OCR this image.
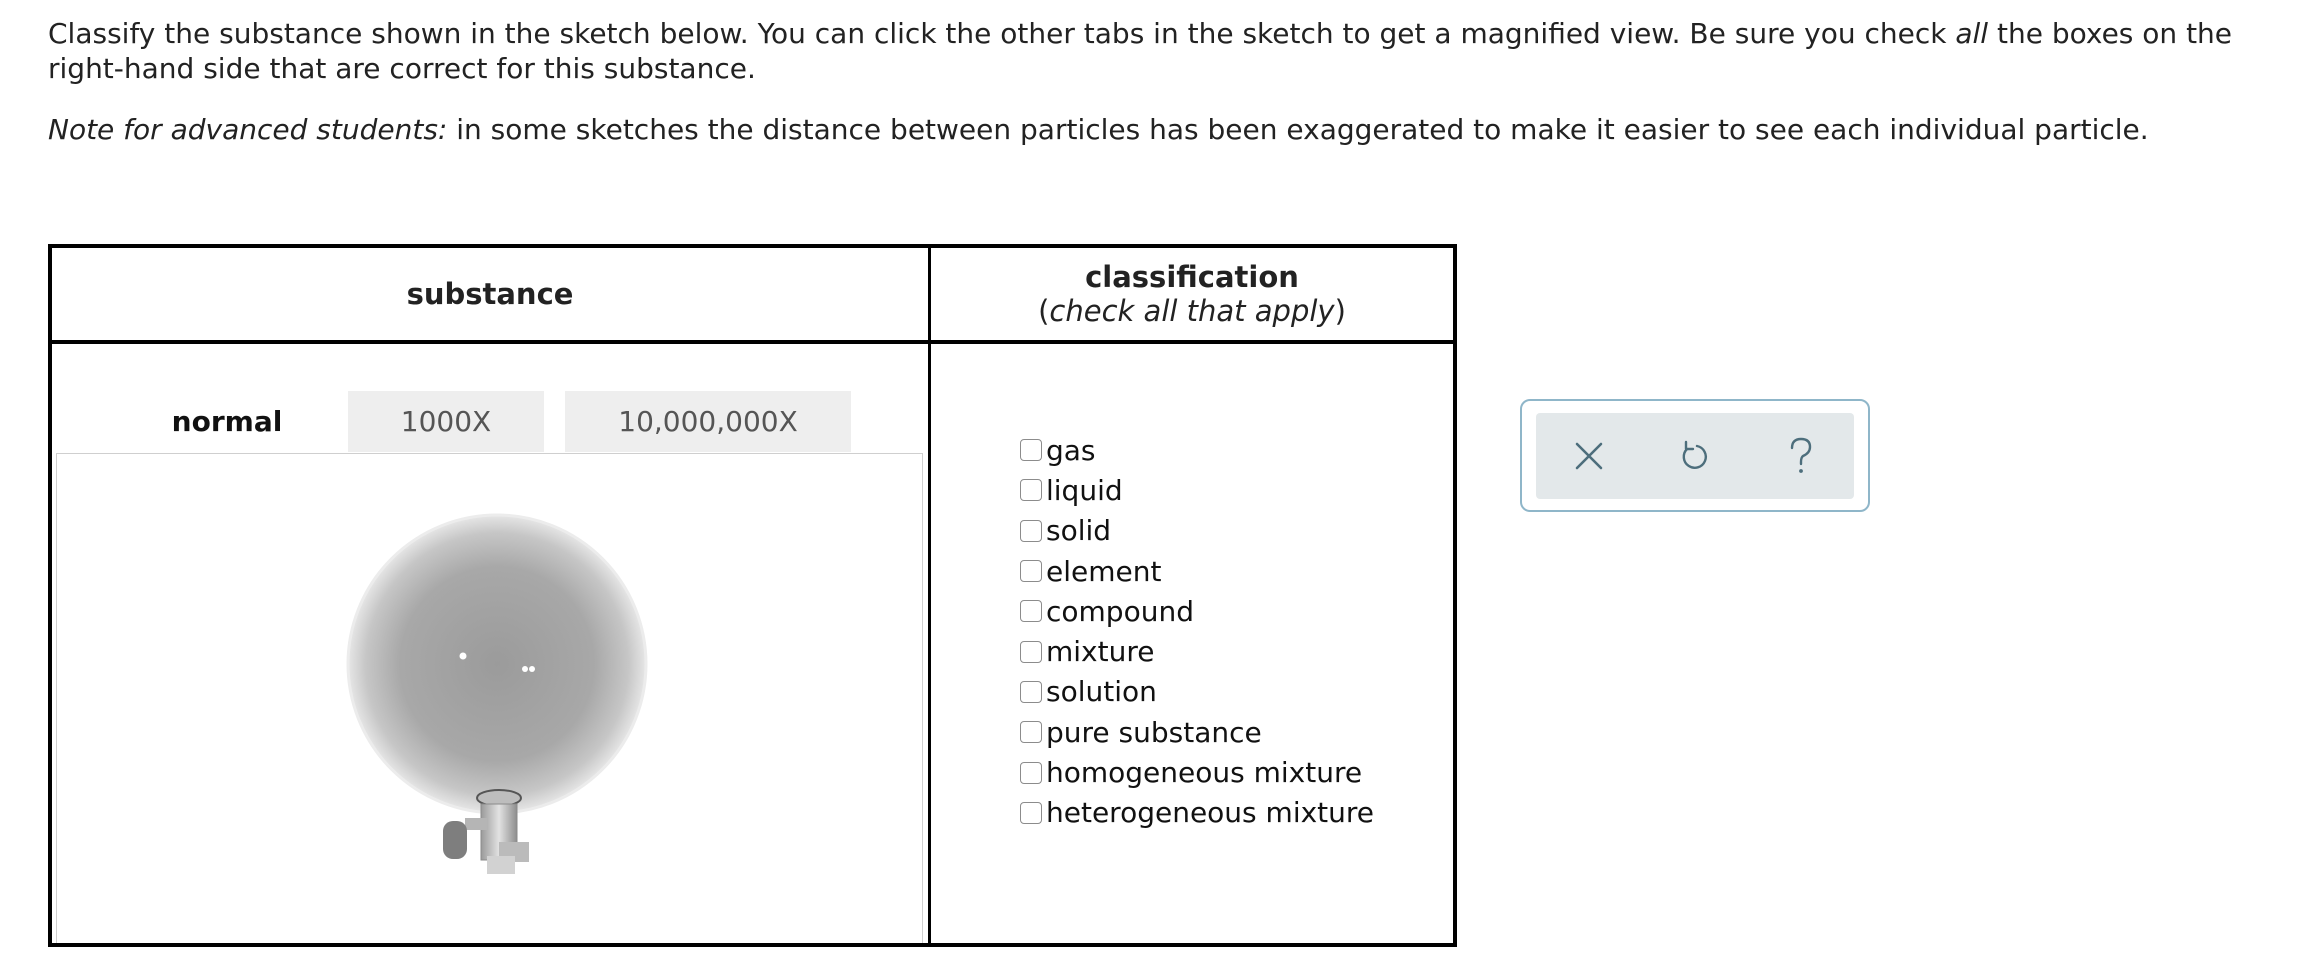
Classify the substance shown in the sketch below. You can click the other tabs in the sketch to get a magnified view. Be sure you check all the boxes on the right-hand side that are correct for this substance.

Note for advanced students: in some sketches the distance between particles has been exaggerated to make it easier to see each individual particle.

substance	classification
(check all that apply)
normal	1000X	10,000,000X
gas
liquid
solid
element
compound
mixture
solution
pure substance
homogeneous mixture
heterogeneous mixture
